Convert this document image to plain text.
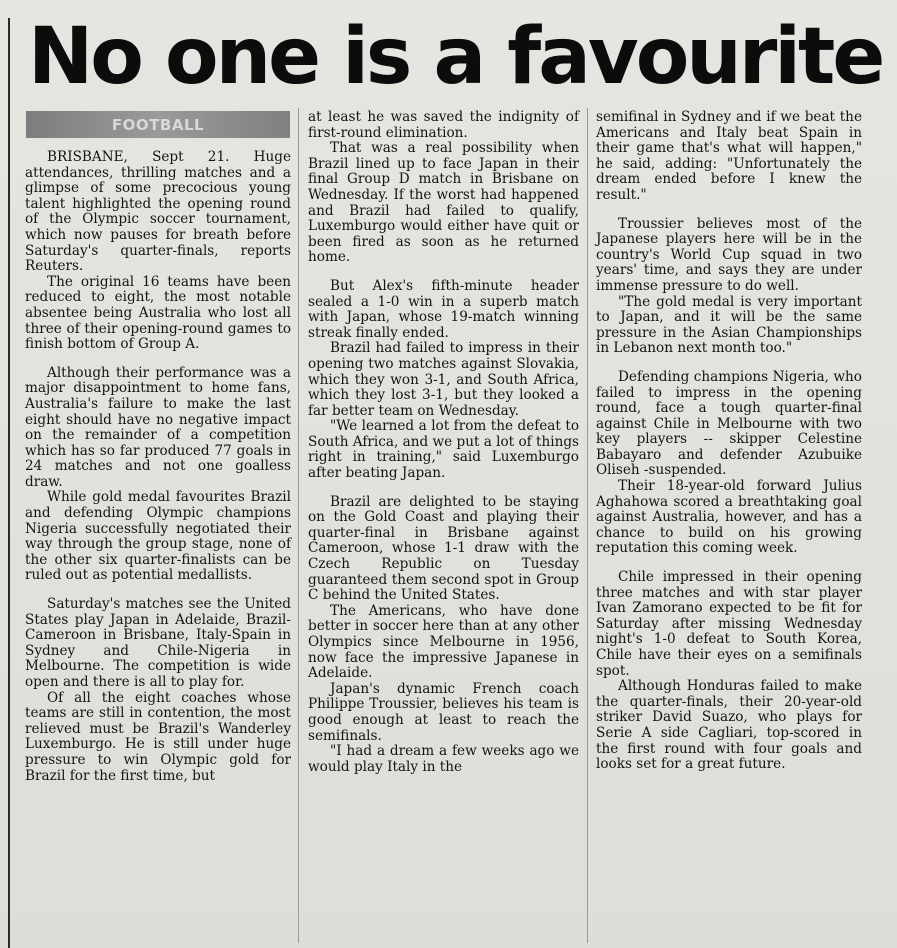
No one is a favourite
FOOTBALL

BRISBANE, Sept 21. Huge attendances, thrilling matches and a glimpse of some precocious young talent highlighted the opening round of the Olympic soccer tournament, which now pauses for breath before Saturday's quarter-finals, reports Reuters.

The original 16 teams have been reduced to eight, the most notable absentee being Australia who lost all three of their opening-round games to finish bottom of Group A.

Although their performance was a major disappointment to home fans, Australia's failure to make the last eight should have no negative impact on the remainder of a competition which has so far produced 77 goals in 24 matches and not one goalless draw.

While gold medal favourites Brazil and defending Olympic champions Nigeria successfully negotiated their way through the group stage, none of the other six quarter-finalists can be ruled out as potential medallists.

Saturday's matches see the United States play Japan in Adelaide, Brazil-Cameroon in Brisbane, Italy-Spain in Sydney and Chile-Nigeria in Melbourne. The competition is wide open and there is all to play for.

Of all the eight coaches whose teams are still in contention, the most relieved must be Brazil's Wanderley Luxemburgo. He is still under huge pressure to win Olympic gold for Brazil for the first time, but

at least he was saved the indignity of first-round elimination.

That was a real possibility when Brazil lined up to face Japan in their final Group D match in Brisbane on Wednesday. If the worst had happened and Brazil had failed to qualify, Luxemburgo would either have quit or been fired as soon as he returned home.

But Alex's fifth-minute header sealed a 1-0 win in a superb match with Japan, whose 19-match winning streak finally ended.

Brazil had failed to impress in their opening two matches against Slovakia, which they won 3-1, and South Africa, which they lost 3-1, but they looked a far better team on Wednesday.

"We learned a lot from the defeat to South Africa, and we put a lot of things right in training," said Luxemburgo after beating Japan.

Brazil are delighted to be staying on the Gold Coast and playing their quarter-final in Brisbane against Cameroon, whose 1-1 draw with the Czech Republic on Tuesday guaranteed them second spot in Group C behind the United States.

The Americans, who have done better in soccer here than at any other Olympics since Melbourne in 1956, now face the impressive Japanese in Adelaide.

Japan's dynamic French coach Philippe Troussier, believes his team is good enough at least to reach the semifinals.

"I had a dream a few weeks ago we would play Italy in the

semifinal in Sydney and if we beat the Americans and Italy beat Spain in their game that's what will happen," he said, adding: "Unfortunately the dream ended before I knew the result."

Troussier believes most of the Japanese players here will be in the country's World Cup squad in two years' time, and says they are under immense pressure to do well.

"The gold medal is very important to Japan, and it will be the same pressure in the Asian Championships in Lebanon next month too."

Defending champions Nigeria, who failed to impress in the opening round, face a tough quarter-final against Chile in Melbourne with two key players -- skipper Celestine Babayaro and defender Azubuike Oliseh -suspended.

Their 18-year-old forward Julius Aghahowa scored a breathtaking goal against Australia, however, and has a chance to build on his growing reputation this coming week.

Chile impressed in their opening three matches and with star player Ivan Zamorano expected to be fit for Saturday after missing Wednesday night's 1-0 defeat to South Korea, Chile have their eyes on a semifinals spot.

Although Honduras failed to make the quarter-finals, their 20-year-old striker David Suazo, who plays for Serie A side Cagliari, top-scored in the first round with four goals and looks set for a great future.
